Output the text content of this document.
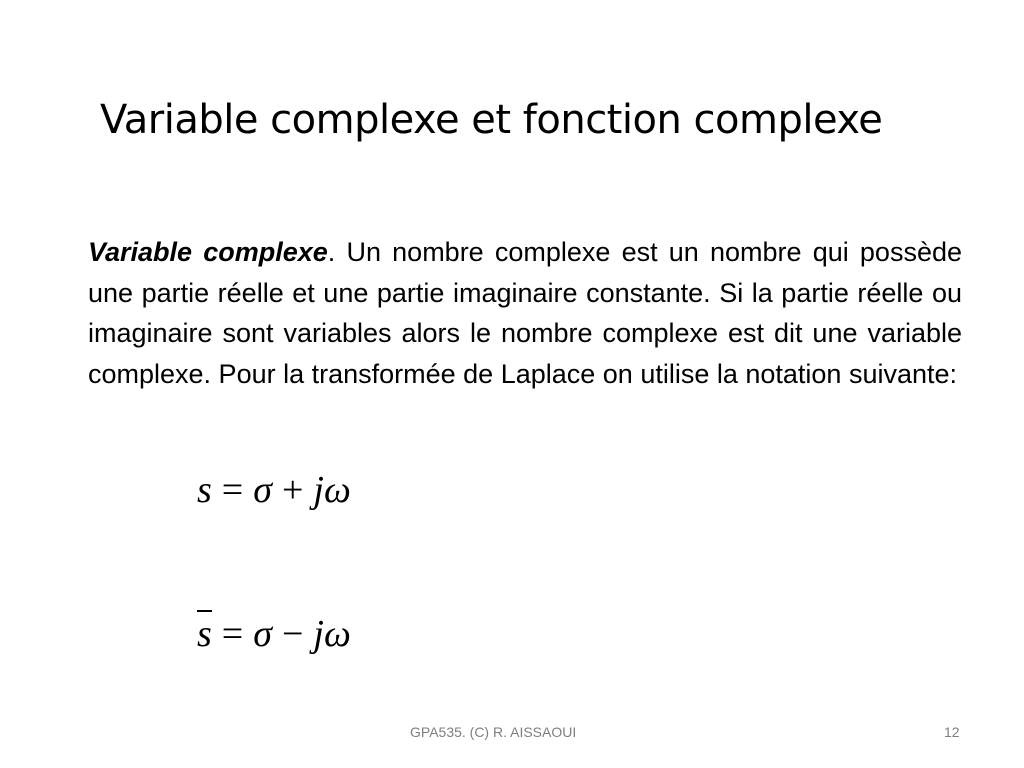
Variable complexe et fonction complexe

Variable complexe. Un nombre complexe est un nombre qui possède une partie réelle et une partie imaginaire constante. Si la partie réelle ou imaginaire sont variables alors le nombre complexe est dit une variable complexe. Pour la transformée de Laplace on utilise la notation suivante:

s = σ + jω
s = σ − jω
GPA535. (C) R. AISSAOUI	12
